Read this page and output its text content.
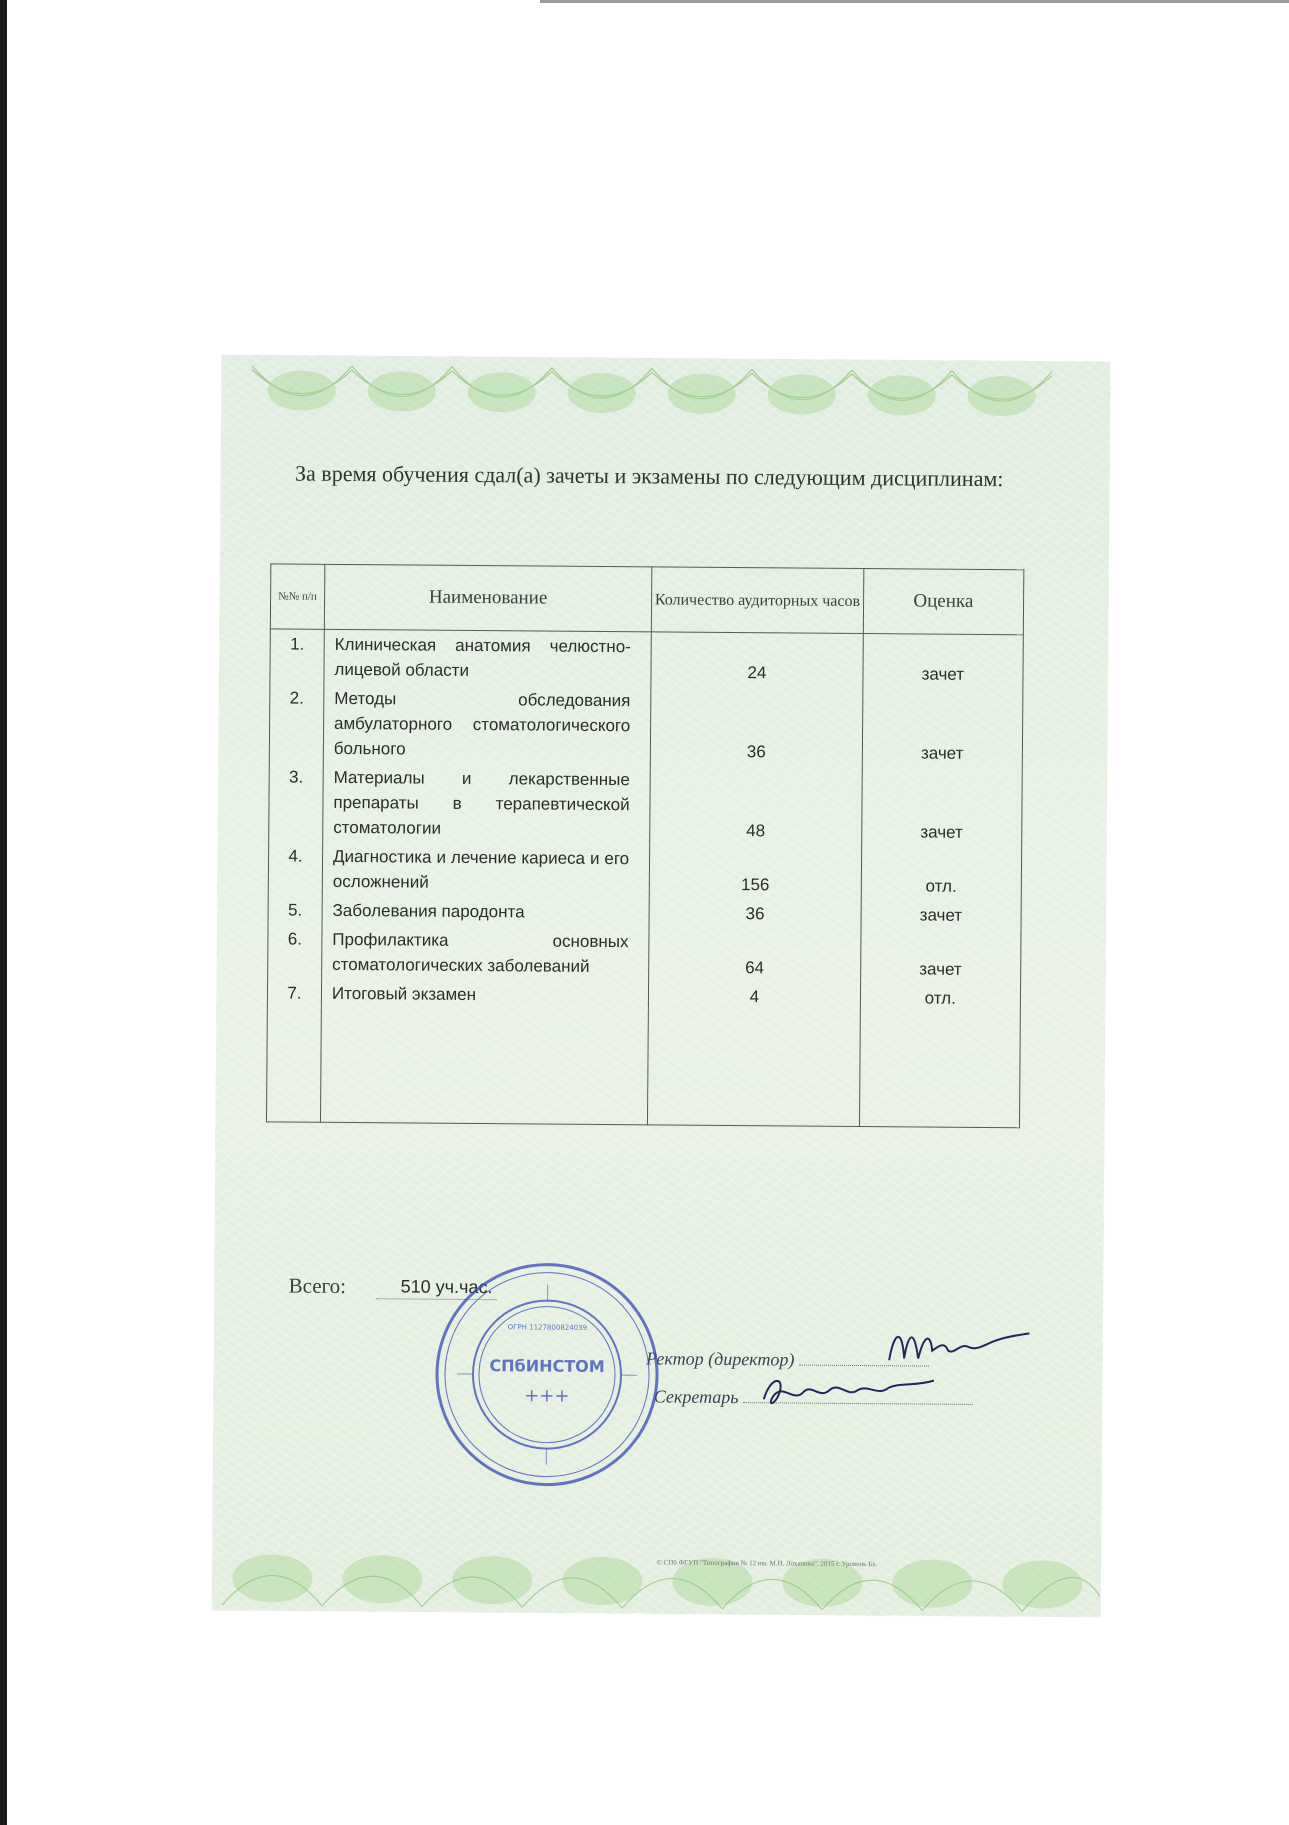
За время обучения сдал(а) зачеты и экзамены по следующим дисциплинам:

№№ п/п	Наименование	Количество аудиторных часов	Оценка
1.	Клиническая анатомия челюстно-лицевой области	24	зачет
2.	Методы обследования амбулаторного стоматологического больного	36	зачет
3.	Материалы и лекарственные препараты в терапевтической стоматологии	48	зачет
4.	Диагностика и лечение кариеса и его осложнений	156	отл.
5.	Заболевания пародонта	36	зачет
6.	Профилактика основных стоматологических заболеваний	64	зачет
7.	Итоговый экзамен	4	отл.

Всего:	510 уч.час.
Ректор (директор)
Секретарь
СПбИНСТОМ
+++
ОГРН 1127800824039
© СПб ФГУП "Типография № 12 им. М.И. Лоханова". 2015 г. Уровень Бх.
